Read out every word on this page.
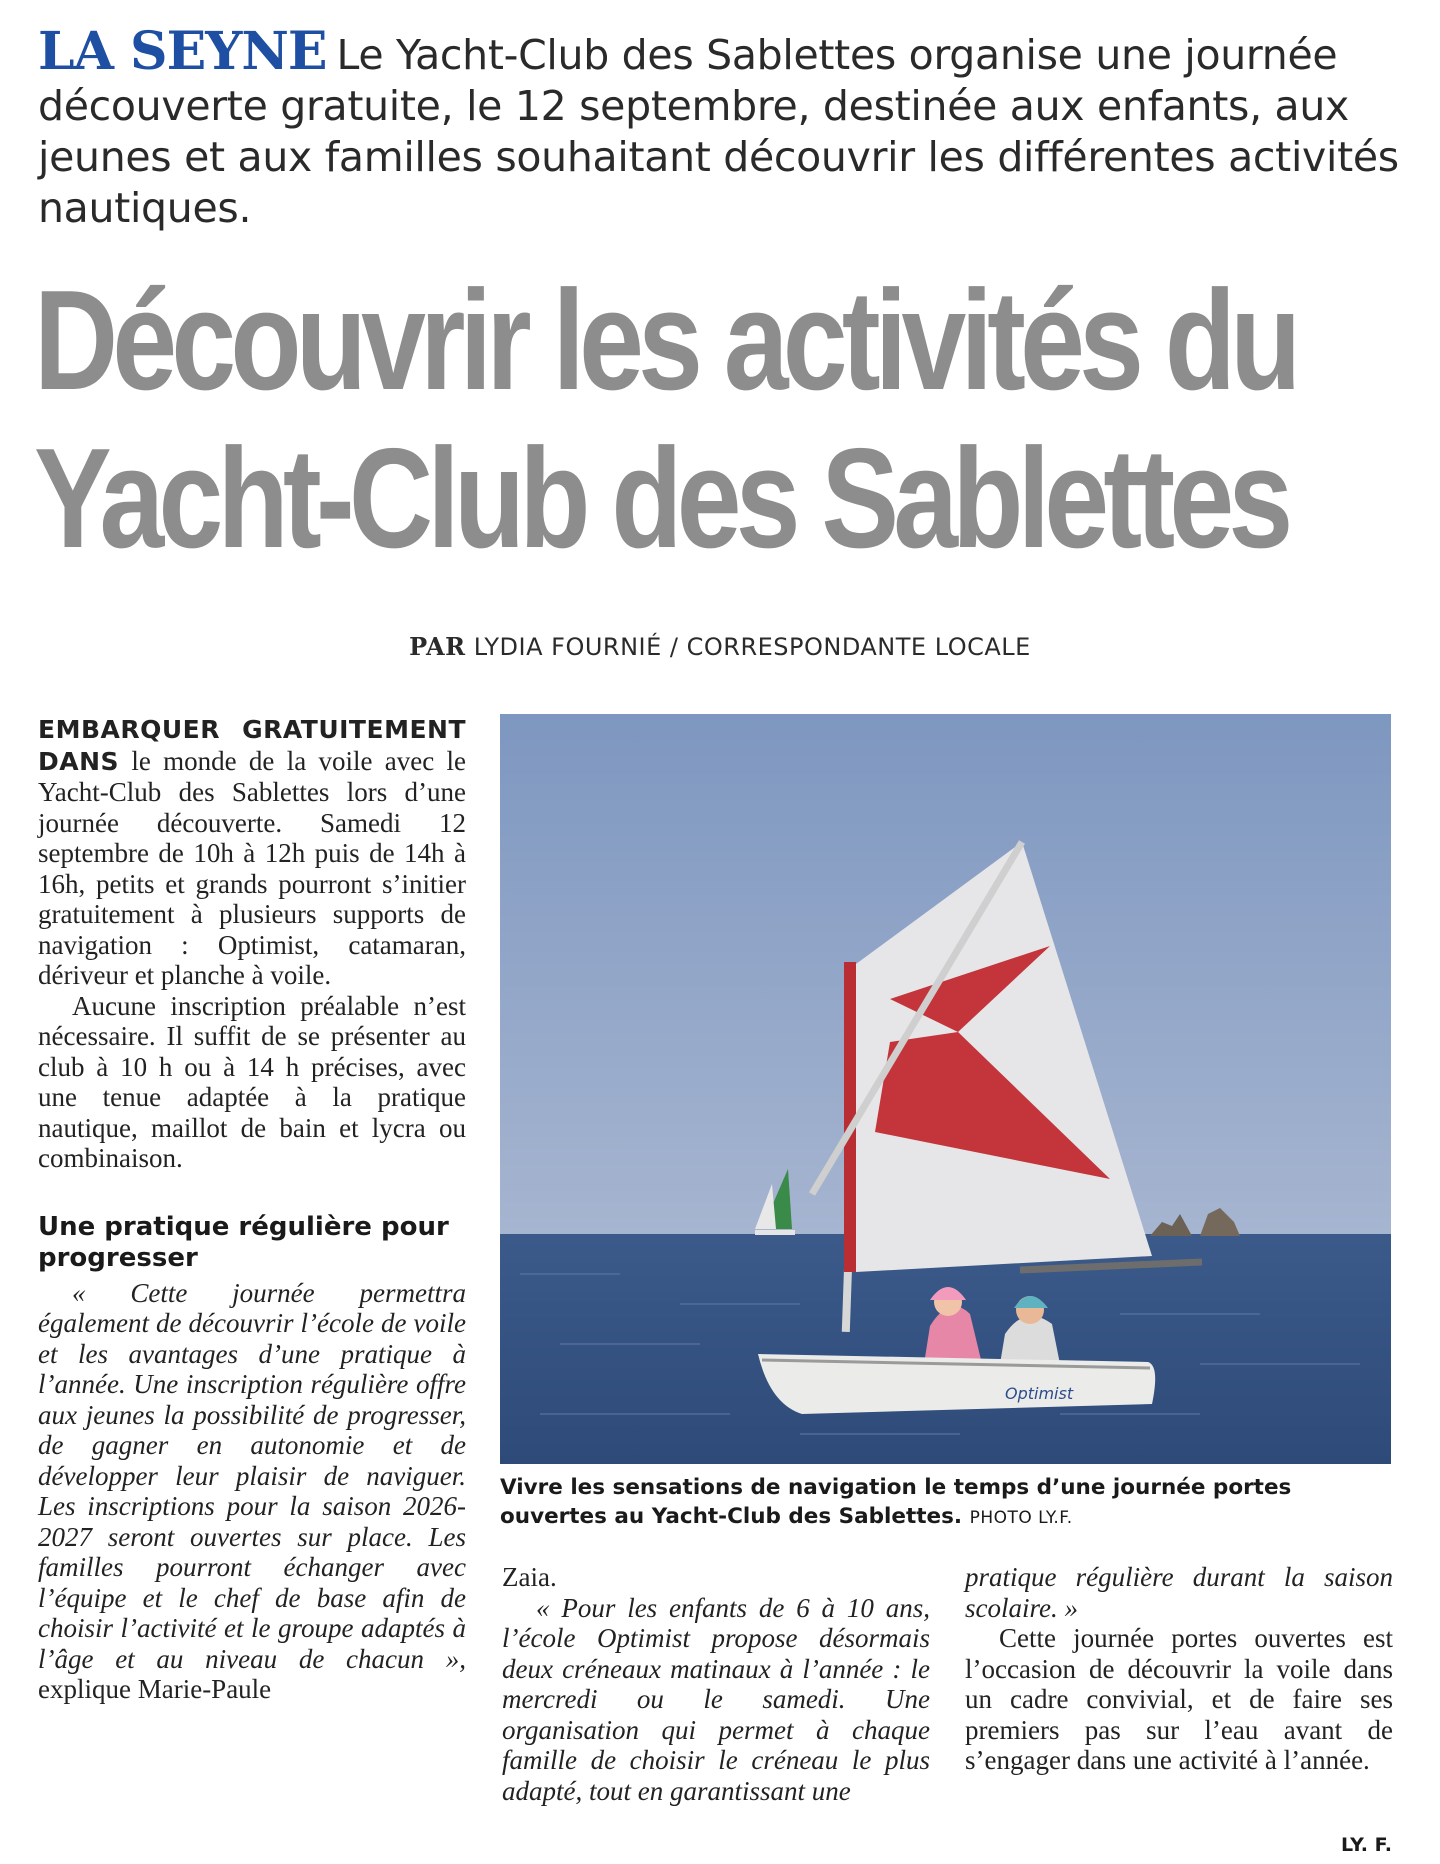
LA SEYNE Le Yacht-Club des Sablettes organise une journée découverte gratuite, le 12 septembre, destinée aux enfants, aux jeunes et aux familles souhaitant découvrir les différentes activités nautiques.
Découvrir les activités du
Yacht-Club des Sablettes
PAR LYDIA FOURNIÉ / CORRESPONDANTE LOCALE

EMBARQUER GRATUITEMENT DANS le monde de la voile avec le Yacht-Club des Sablettes lors d’une journée découverte. Samedi 12 septembre de 10h à 12h puis de 14h à 16h, petits et grands pourront s’initier gratuitement à plusieurs supports de navigation : Optimist, catamaran, dériveur et planche à voile.

Aucune inscription préalable n’est nécessaire. Il suffit de se présenter au club à 10 h ou à 14 h précises, avec une tenue adaptée à la pratique nautique, maillot de bain et lycra ou combinaison.

Une pratique régulière pour progresser

« Cette journée permettra également de découvrir l’école de voile et les avantages d’une pratique à l’année. Une inscription régulière offre aux jeunes la possibilité de progresser, de gagner en autonomie et de développer leur plaisir de naviguer. Les inscriptions pour la saison 2026-2027 seront ouvertes sur place. Les familles pourront échanger avec l’équipe et le chef de base afin de choisir l’activité et le groupe adaptés à l’âge et au niveau de chacun », explique Marie-Paule

Optimist
Vivre les sensations de navigation le temps d’une journée portes ouvertes au Yacht-Club des Sablettes. PHOTO LY.F.

Zaia.

« Pour les enfants de 6 à 10 ans, l’école Optimist propose désormais deux créneaux matinaux à l’année : le mercredi ou le samedi. Une organisation qui permet à chaque famille de choisir le créneau le plus adapté, tout en garantissant une

pratique régulière durant la saison scolaire. »

Cette journée portes ouvertes est l’occasion de découvrir la voile dans un cadre convivial, et de faire ses premiers pas sur l’eau avant de s’engager dans une activité à l’année.

LY. F.
